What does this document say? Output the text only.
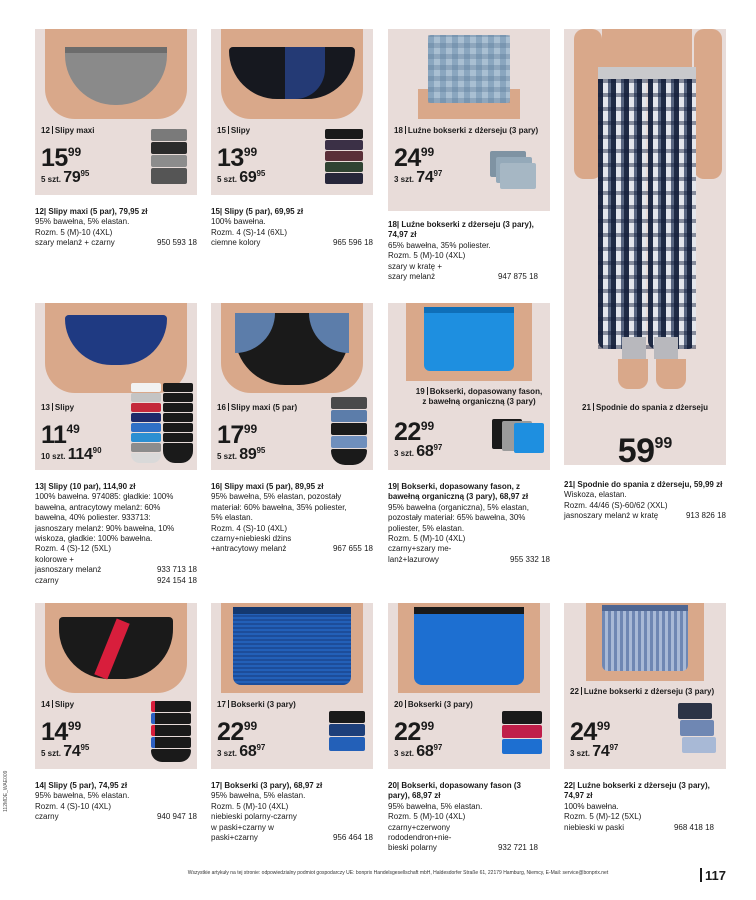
12 Slipy maxi
$15^{99}$
5 szt. $79^{95}$
12| Slipy maxi (5 par), 79,95 zł
95% bawełna, 5% elastan.
Rozm. 5 (M)-10 (4XL)
szary melanż + czarny	950 593 18
15 Slipy
$13^{99}$
5 szt. $69^{95}$
15| Slipy (5 par), 69,95 zł
100% bawełna.
Rozm. 4 (S)-14 (6XL)
ciemne kolory	965 596 18
18 Luźne bokserki z dżerseju (3 pary)
$24^{99}$
3 szt. $74^{97}$
18| Luźne bokserki z dżerseju (3 pary), 74,97 zł
65% bawełna, 35% poliester.
Rozm. 5 (M)-10 (4XL)
szary w kratę +
szary melanż	947 875 18
21 Spodnie do spania z dżerseju
$59^{99}$
21| Spodnie do spania z dżerseju, 59,99 zł
Wiskoza, elastan.
Rozm. 44/46 (S)-60/62 (XXL)
jasnoszary melanż w kratę	913 826 18
13 Slipy
$11^{49}$
10 szt. $114^{90}$
13| Slipy (10 par), 114,90 zł
100% bawełna. 974085: gładkie: 100%
bawełna, antracytowy melanż: 60%
bawełna, 40% poliester. 933713:
jasnoszary melanż: 90% bawełna, 10%
wiskoza, gładkie: 100% bawełna.
Rozm. 4 (S)-12 (5XL)
kolorowe +
jasnoszary melanż	933 713 18
czarny	924 154 18
16 Slipy maxi (5 par)
$17^{99}$
5 szt. $89^{95}$
16| Slipy maxi (5 par), 89,95 zł
95% bawełna, 5% elastan, pozostały
materiał: 60% bawełna, 35% poliester,
5% elastan.
Rozm. 4 (S)-10 (4XL)
czarny+niebieski dżins
+antracytowy melanż	967 655 18
19 Bokserki, dopasowany fason, z bawełną organiczną (3 pary)
$22^{99}$
3 szt. $68^{97}$
19| Bokserki, dopasowany fason, z bawełną organiczną (3 pary), 68,97 zł
95% bawełna (organiczna), 5% elastan,
pozostały materiał: 65% bawełna, 30%
poliester, 5% elastan.
Rozm. 5 (M)-10 (4XL)
czarny+szary me-
lanż+lazurowy	955 332 18
14 Slipy
$14^{99}$
5 szt. $74^{95}$
14| Slipy (5 par), 74,95 zł
95% bawełna, 5% elastan.
Rozm. 4 (S)-10 (4XL)
czarny	940 947 18
17 Bokserki (3 pary)
$22^{99}$
3 szt. $68^{97}$
17| Bokserki (3 pary), 68,97 zł
95% bawełna, 5% elastan.
Rozm. 5 (M)-10 (4XL)
niebieski polarny-czarny
w paski+czarny w
paski+czarny	956 464 18
20 Bokserki (3 pary)
$22^{99}$
3 szt. $68^{97}$
20| Bokserki, dopasowany fason (3 pary), 68,97 zł
95% bawełna, 5% elastan.
Rozm. 5 (M)-10 (4XL)
czarny+czerwony
rododendron+nie-
bieski polarny	932 721 18
22 Luźne bokserki z dżerseju (3 pary)
$24^{99}$
3 szt. $74^{97}$
22| Luźne bokserki z dżerseju (3 pary), 74,97 zł
100% bawełna.
Rozm. 5 (M)-12 (5XL)
niebieski w paski	968 418 18
Wszystkie artykuły na tej stronie: odpowiedzialny podmiot gospodarczy UE: bonprix Handelsgesellschaft mbH, Haldesdorfer Straße 61, 22179 Hamburg, Niemcy, E-Mail: service@bonprix.net	117
112MDE_WAE009
